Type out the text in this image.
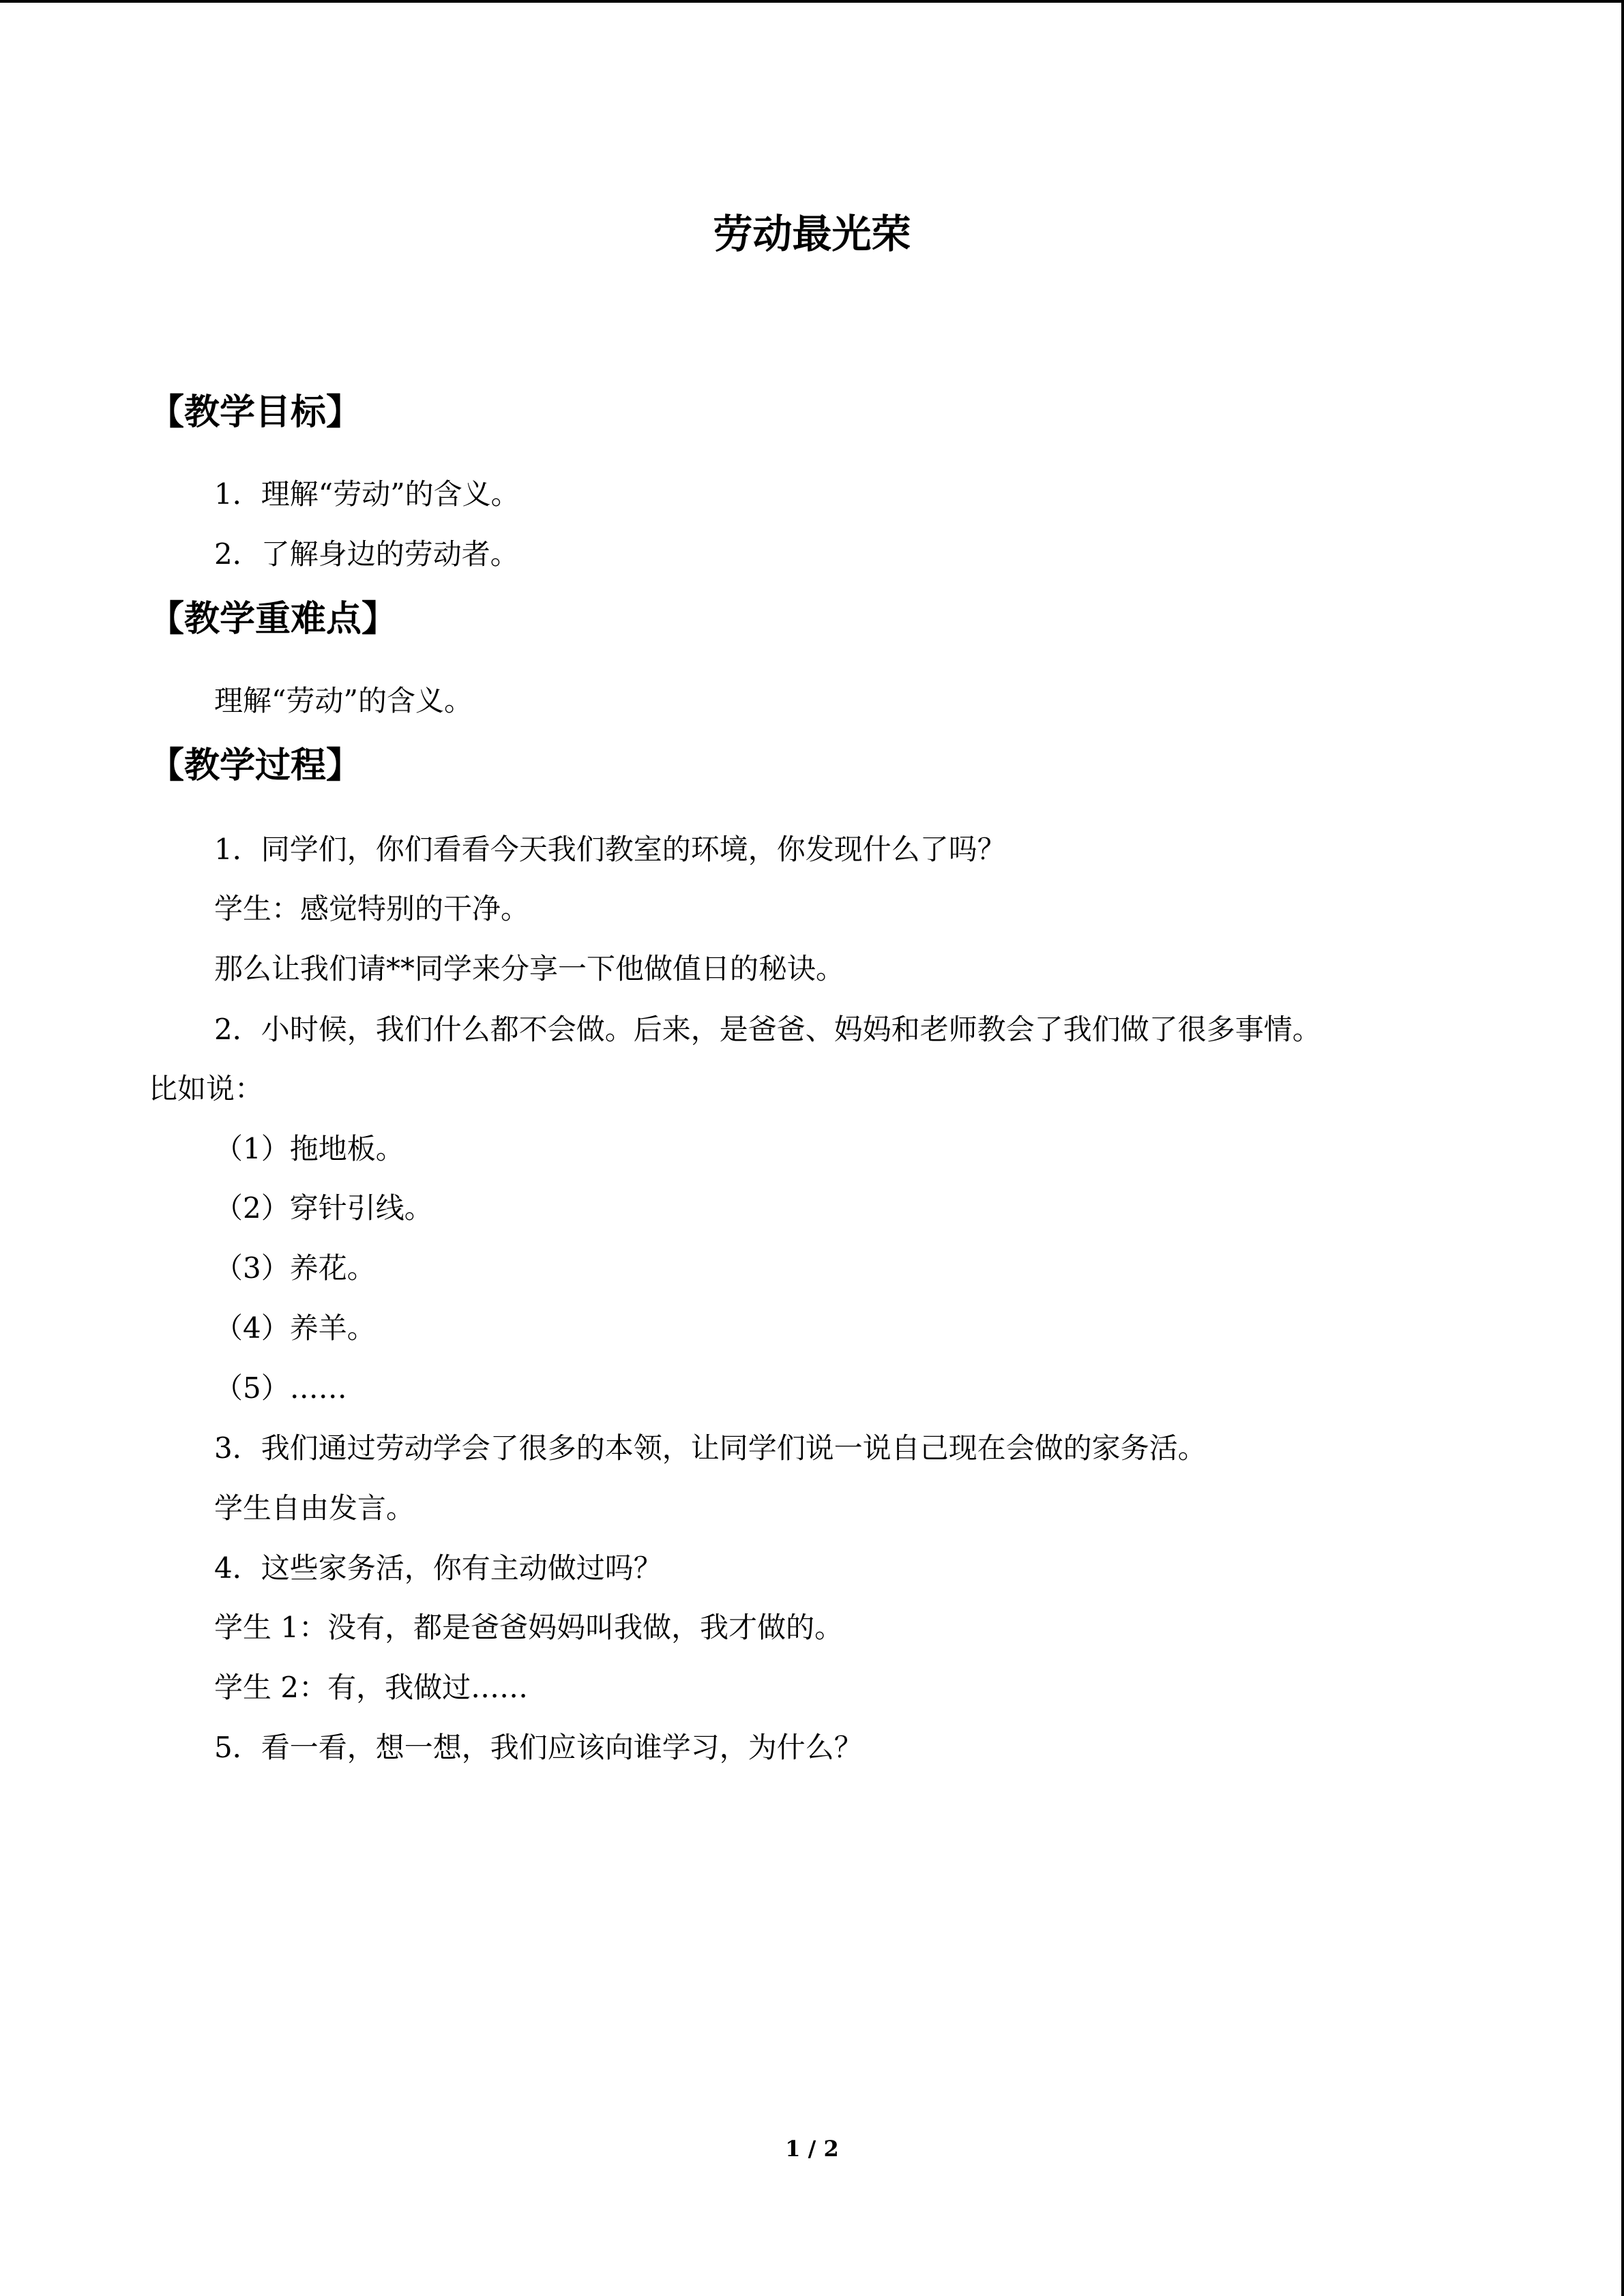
劳动最光荣
【教学目标】

1．理解“劳动”的含义。

2．了解身边的劳动者。

【教学重难点】

理解“劳动”的含义。

【教学过程】

1．同学们，你们看看今天我们教室的环境，你发现什么了吗？

学生：感觉特别的干净。

那么让我们请**同学来分享一下他做值日的秘诀。

2．小时候，我们什么都不会做。后来，是爸爸、妈妈和老师教会了我们做了很多事情。

比如说：

（1）拖地板。

（2）穿针引线。

（3）养花。

（4）养羊。

（5）……

3．我们通过劳动学会了很多的本领，让同学们说一说自己现在会做的家务活。

学生自由发言。

4．这些家务活，你有主动做过吗？

学生 1：没有，都是爸爸妈妈叫我做，我才做的。

学生 2：有，我做过……

5．看一看，想一想，我们应该向谁学习，为什么？

1 / 2
